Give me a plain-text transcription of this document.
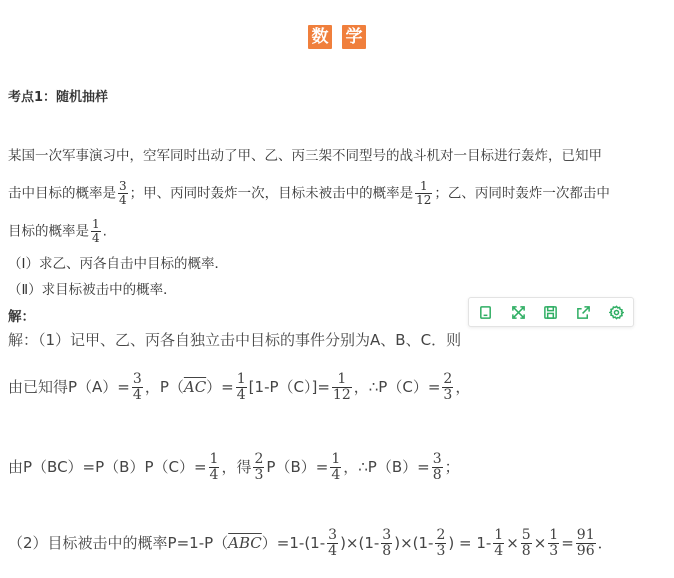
数 学
考点1：随机抽样
某国一次军事演习中，空军同时出动了甲、乙、丙三架不同型号的战斗机对一目标进行轰炸，已知甲
击中目标的概率是 $\frac{3}{4}$ ；甲、丙同时轰炸一次，目标未被击中的概率是 $\frac{1}{12}$ ；乙、丙同时轰炸一次都击中
目标的概率是 $\frac{1}{4}$ .
（Ⅰ）求乙、丙各自击中目标的概率．
（Ⅱ）求目标被击中的概率．
解：
解：（1）记甲、乙、丙各自独立击中目标的事件分别为A、B、C．则
由已知得$P(A)= \frac{3}{4}$ ，$P(\overline{AC})= \frac{1}{4} [1-P(C)]= \frac{1}{12}$ ，∴P（C）= $\frac{2}{3}$ ，
由$P(BC)=P(B)P(C)= \frac{1}{4}$ ，得 $\frac{2}{3} P(B)= \frac{1}{4}$ ，∴P（B）= $\frac{3}{8}$ ；
（2）目标被击中的概率$P=1-P(\overline{ABC})=1-(1- \frac{3}{4} )\times(1- \frac{3}{8} )\times(1- \frac{2}{3}$ ) = $1- \frac{1}{4} \times \frac{5}{8} \times \frac{1}{3} = \frac{91}{96}$ ．
